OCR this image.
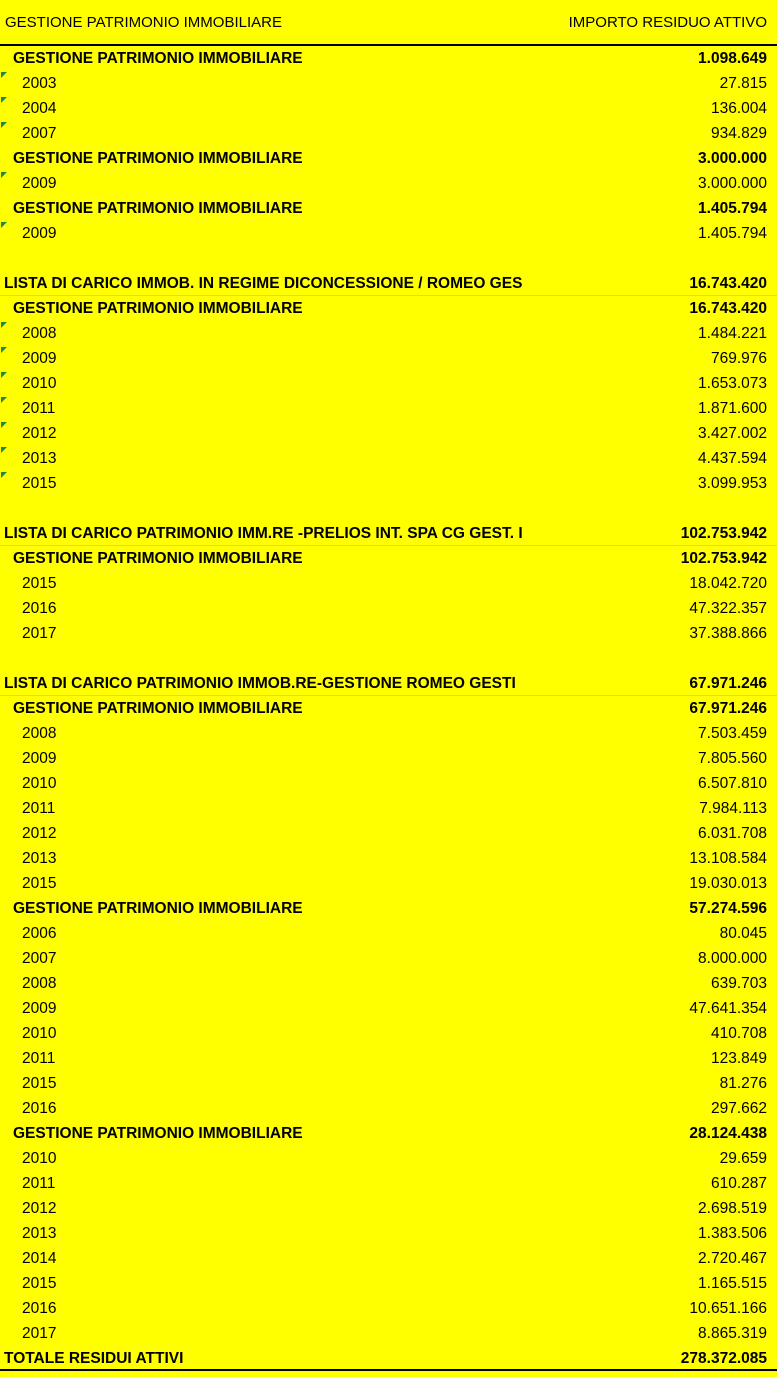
GESTIONE PATRIMONIO IMMOBILIARE	IMPORTO RESIDUO ATTIVO
GESTIONE PATRIMONIO IMMOBILIARE	1.098.649
2003	27.815
2004	136.004
2007	934.829
GESTIONE PATRIMONIO IMMOBILIARE	3.000.000
2009	3.000.000
GESTIONE PATRIMONIO IMMOBILIARE	1.405.794
2009	1.405.794
LISTA DI CARICO IMMOB. IN REGIME DICONCESSIONE / ROMEO GES	16.743.420
GESTIONE PATRIMONIO IMMOBILIARE	16.743.420
2008	1.484.221
2009	769.976
2010	1.653.073
2011	1.871.600
2012	3.427.002
2013	4.437.594
2015	3.099.953
LISTA DI CARICO PATRIMONIO IMM.RE -PRELIOS INT. SPA CG GEST. I	102.753.942
GESTIONE PATRIMONIO IMMOBILIARE	102.753.942
2015	18.042.720
2016	47.322.357
2017	37.388.866
LISTA DI CARICO PATRIMONIO IMMOB.RE-GESTIONE ROMEO GESTI	67.971.246
GESTIONE PATRIMONIO IMMOBILIARE	67.971.246
2008	7.503.459
2009	7.805.560
2010	6.507.810
2011	7.984.113
2012	6.031.708
2013	13.108.584
2015	19.030.013
GESTIONE PATRIMONIO IMMOBILIARE	57.274.596
2006	80.045
2007	8.000.000
2008	639.703
2009	47.641.354
2010	410.708
2011	123.849
2015	81.276
2016	297.662
GESTIONE PATRIMONIO IMMOBILIARE	28.124.438
2010	29.659
2011	610.287
2012	2.698.519
2013	1.383.506
2014	2.720.467
2015	1.165.515
2016	10.651.166
2017	8.865.319
TOTALE RESIDUI ATTIVI	278.372.085
